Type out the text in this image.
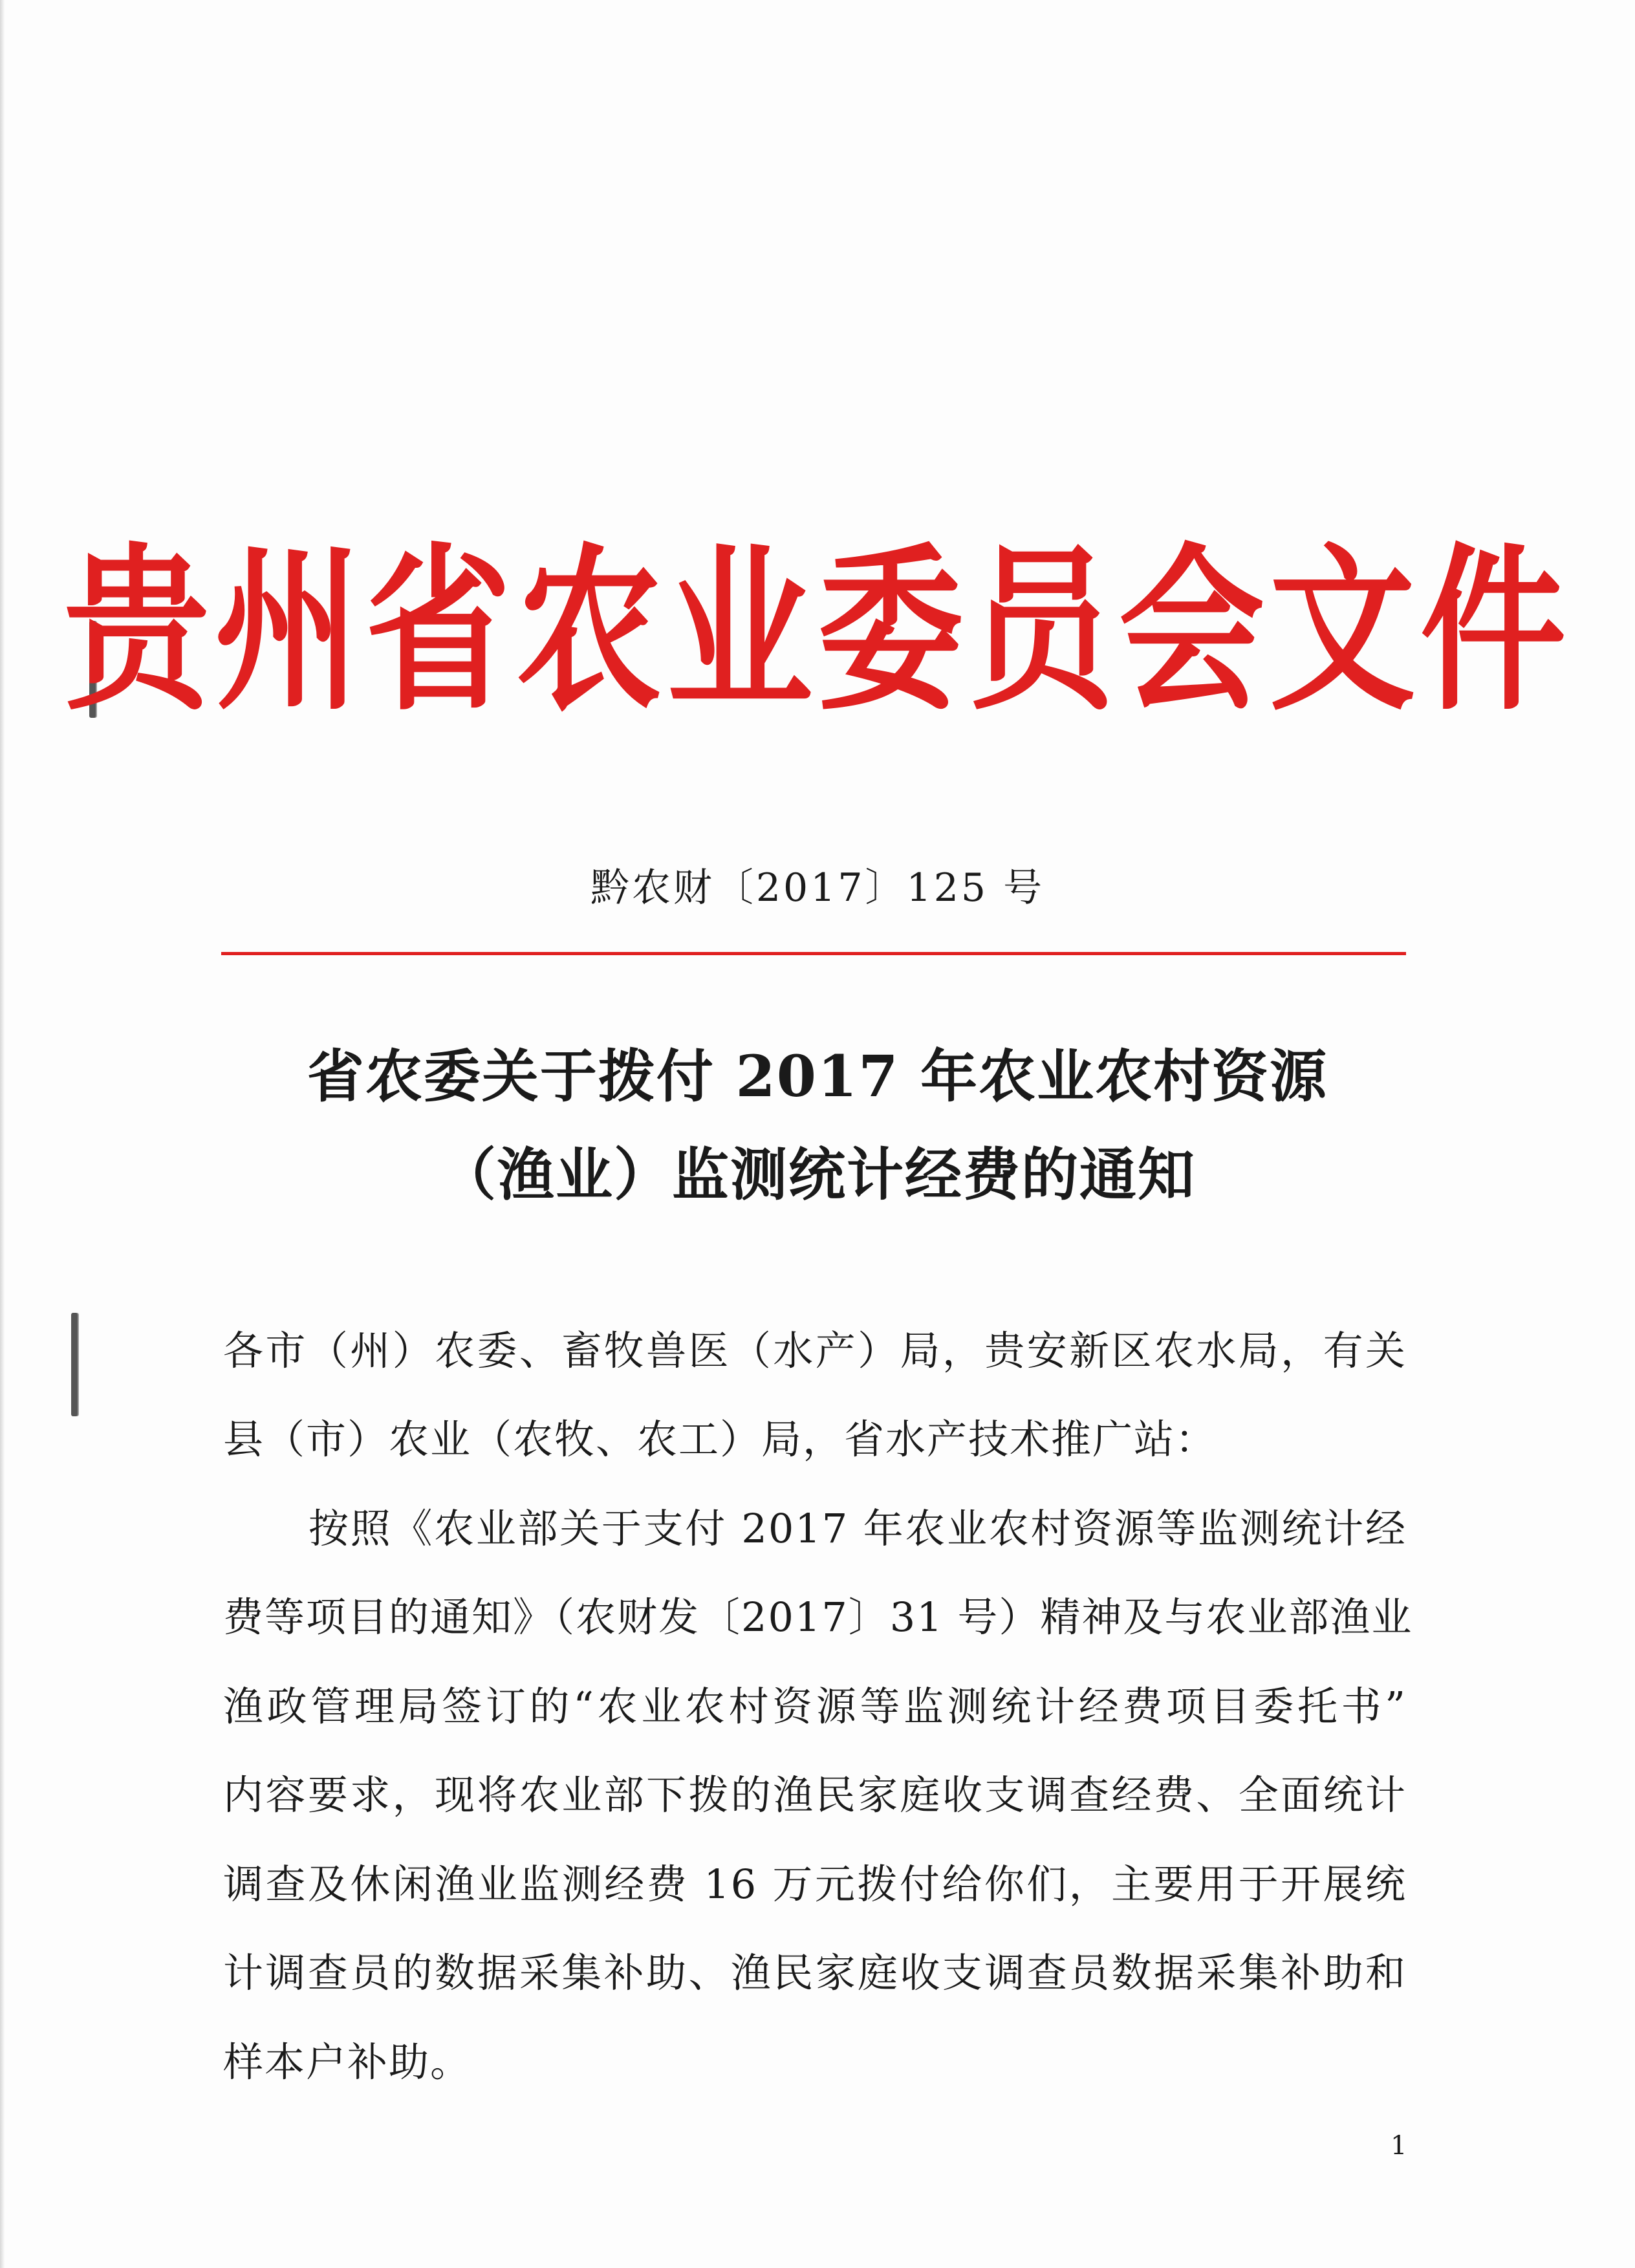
贵州省农业委员会文件
黔农财〔2017〕125 号
省农委关于拨付 2017 年农业农村资源
（渔业）监测统计经费的通知
各市（州）农委、畜牧兽医（水产）局，贵安新区农水局，有关
县（市）农业（农牧、农工）局，省水产技术推广站：
按照《农业部关于支付 2017 年农业农村资源等监测统计经
费等项目的通知》（农财发〔2017〕31 号）精神及与农业部渔业
渔政管理局签订的“农业农村资源等监测统计经费项目委托书”
内容要求，现将农业部下拨的渔民家庭收支调查经费、全面统计
调查及休闲渔业监测经费 16 万元拨付给你们，主要用于开展统
计调查员的数据采集补助、渔民家庭收支调查员数据采集补助和
样本户补助。
1
